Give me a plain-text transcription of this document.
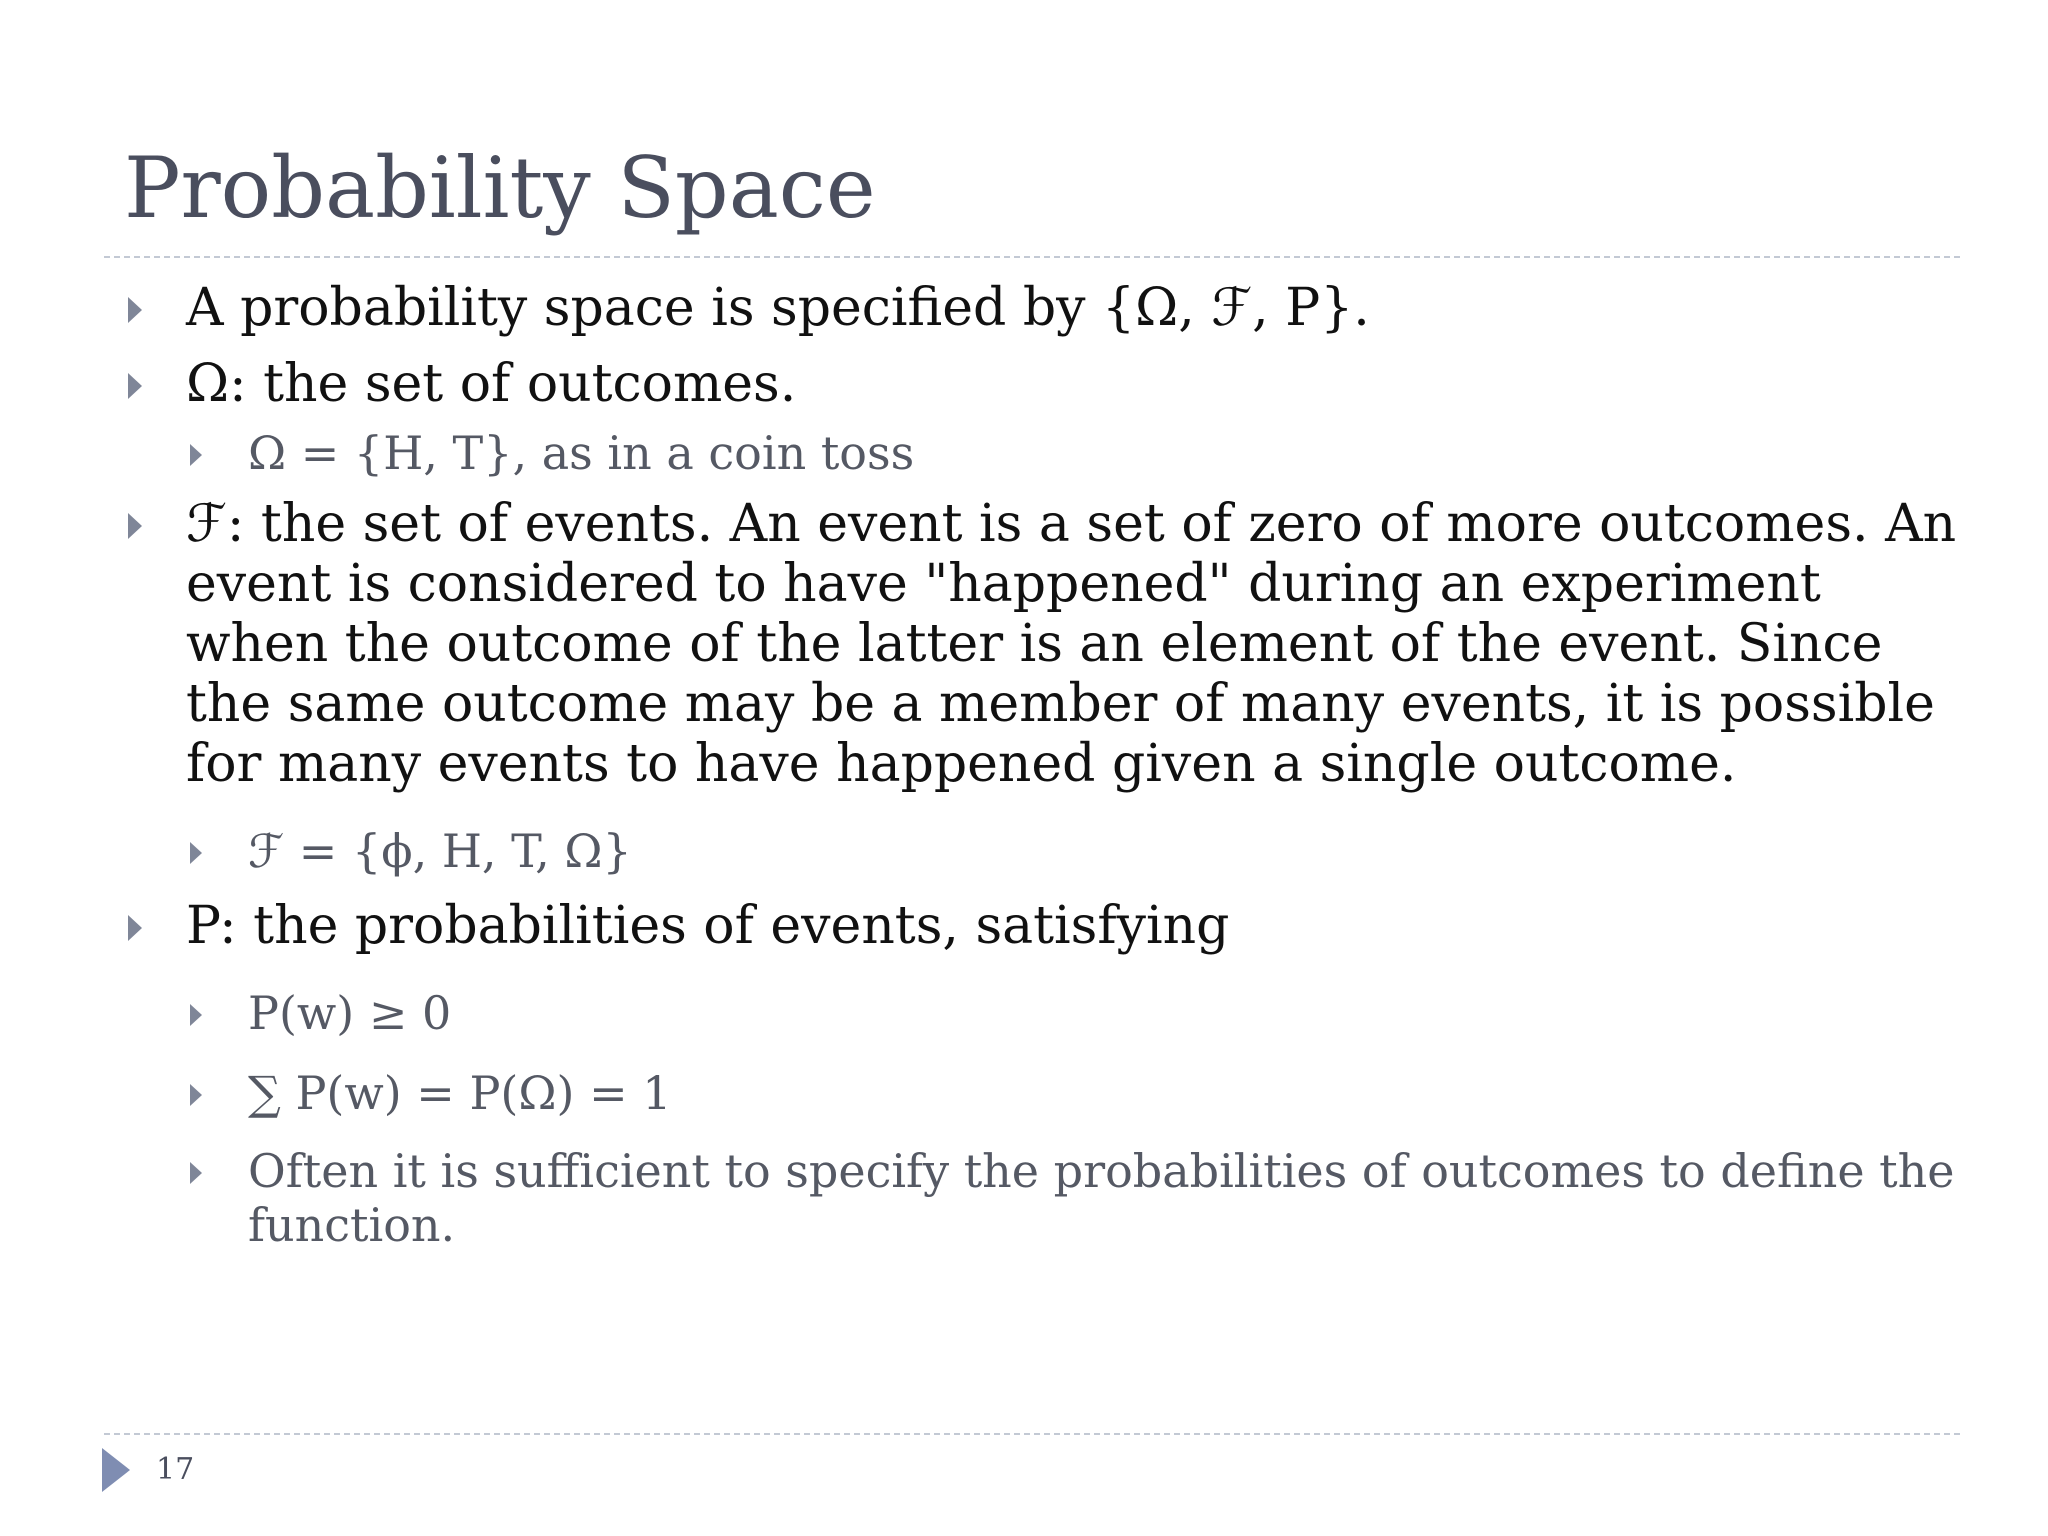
Probability Space
A probability space is specified by {Ω, ℱ, P}.
Ω: the set of outcomes.
Ω = {H, T}, as in a coin toss
ℱ: the set of events. An event is a set of zero of more outcomes. An event is considered to have "happened" during an experiment when the outcome of the latter is an element of the event. Since the same outcome may be a member of many events, it is possible for many events to have happened given a single outcome.
ℱ = {ϕ, H, T, Ω}
P: the probabilities of events, satisfying
P(w) ≥ 0
∑ P(w) = P(Ω) = 1
Often it is sufficient to specify the probabilities of outcomes to define the function.
17
